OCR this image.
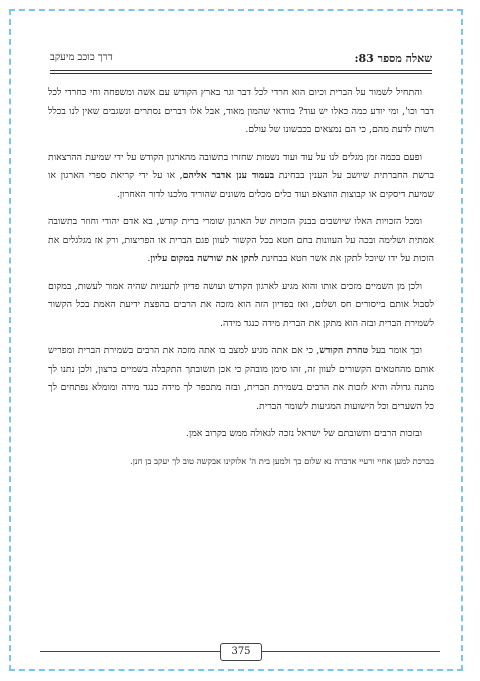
שאלה מספר 83:
דרך כוכב מיעקב

והתחיל לשמור על הברית וכיום הוא חרדי לכל דבר וגר בארץ הקודש עם אשה ומשפחה וחי כחרדי לכל דבר וכו', ומי יודע כמה כאלו יש עוד? בוודאי שהמון מאוד, אבל אלו דברים נסתרים ונשגבים שאין לנו בכלל רשות לדעת מהם, כי הם נמצאים בכבשונו של עולם.

ופעם בכמה זמן מגלים לנו על עוד ועוד נשמות שחזרו בתשובה מהארגון הקודש על ידי שמיעת ההרצאות ברשת החברתית שיושב על הענין בבחינת בעמוד ענן אדבר אליהם, או על ידי קריאת ספרי הארגון או שמיעת דיסקים או קבוצות הווצאפ ועוד כלים מכלים משונים שהוריד מלכנו לדור האחרון.

ומכל הזכויות האלו שיושבים בבנק הזכויות של הארגון שומרי ברית קודש, בא אדם יהודי וחוזר בתשובה אמתית ושלימה ובכה על העוונות בחם חטא בכל הקשור לעוון פגם הברית או הפריצות, ורק אז מגלגלים את הזכות על ידו שיוכל לתקן את אשר חטא בבחינת לתקן את שורשה במקום עליון.

ולכן מן השמיים מזכים אותו והוא מגיע לארגון הקודש ועושה פדיון לתעניות שהיה אמור לעשות, במקום לסבול אותם בייסורים חס ושלום, ואז בפדיון הזה הוא מזכה את הרבים בהפצת ידיעת האמת בכל הקשור לשמירת הברית ובזה הוא מתקן את הברית מידה כנגד מידה.

וכך אומר בעל טהרת הקודש, כי אם אתה מגיע למצב בו אתה מזכה את הרבים בשמירת הברית ומפריש אותם מהחטאים הקשורים לעוון זה, זהו סימן מובהק כי אכן תשובתך התקבלה בשמיים ברצון, ולכן נתנו לך מתנה גדולה והיא לזכות את הרבים בשמירת הברית, ובזה מתכפר לך מידה כנגד מידה ומומלא נפתחים לך כל השערים וכל הישועות המגיעות לשומר הברית.

ובזכות הרבים ותשובתם של ישראל נזכה לגאולה ממש בקרוב אמן.

בברכת למען אחיי ורעיי אדברה נא שלום בך ולמען בית ה' אלוקינו אבקשה טוב לך יעקב בן חנן.

375
